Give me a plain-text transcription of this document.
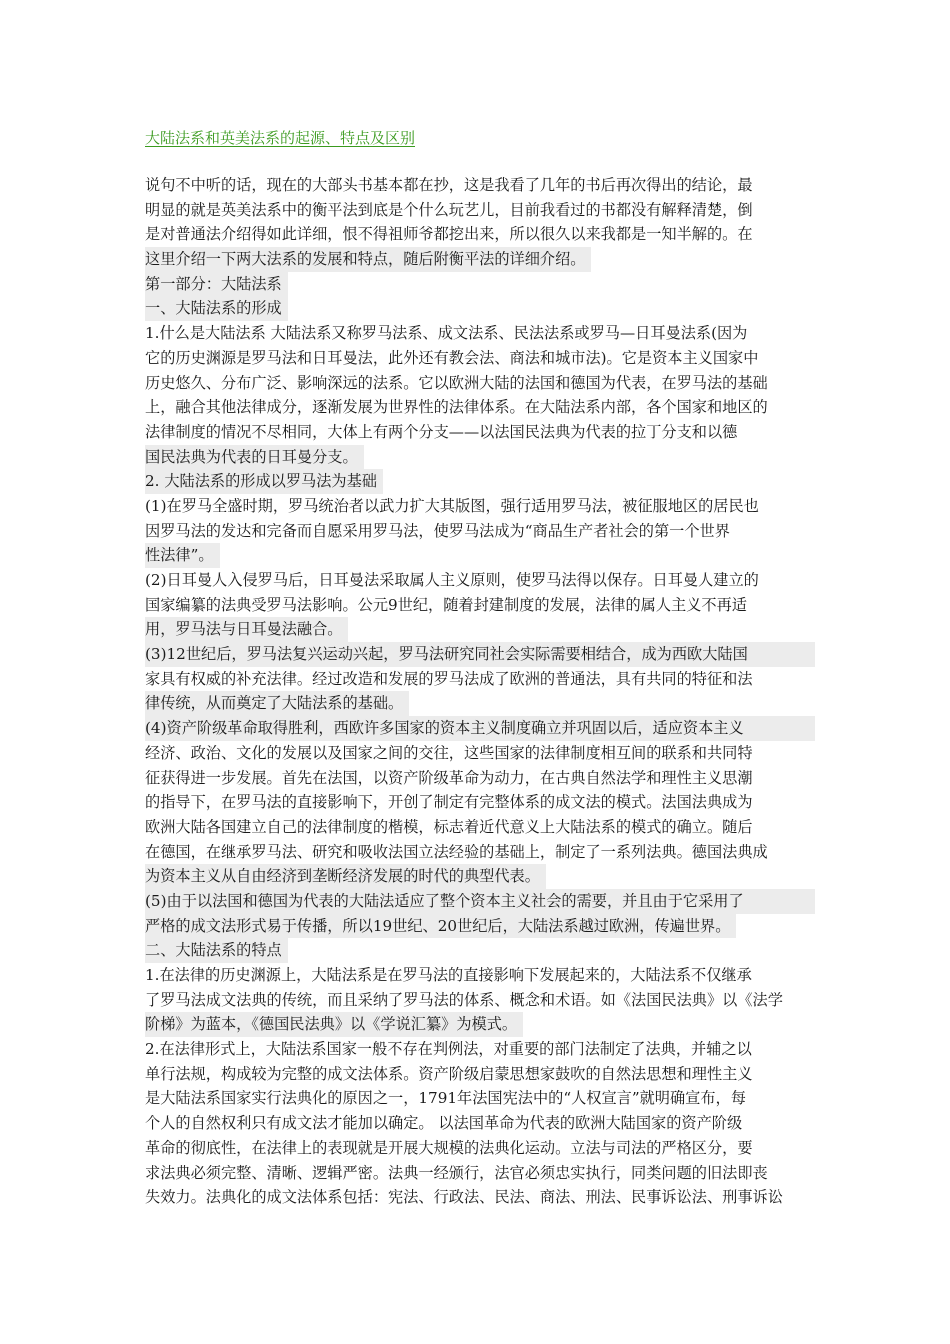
大陆法系和英美法系的起源、特点及区别
说句不中听的话，现在的大部头书基本都在抄，这是我看了几年的书后再次得出的结论，最
明显的就是英美法系中的衡平法到底是个什么玩艺儿，目前我看过的书都没有解释清楚，倒
是对普通法介绍得如此详细，恨不得祖师爷都挖出来，所以很久以来我都是一知半解的。在
这里介绍一下两大法系的发展和特点，随后附衡平法的详细介绍。
第一部分：大陆法系
一、大陆法系的形成
1.什么是大陆法系 大陆法系又称罗马法系、成文法系、民法法系或罗马—日耳曼法系(因为
它的历史渊源是罗马法和日耳曼法，此外还有教会法、商法和城市法)。它是资本主义国家中
历史悠久、分布广泛、影响深远的法系。它以欧洲大陆的法国和德国为代表，在罗马法的基础
上，融合其他法律成分，逐渐发展为世界性的法律体系。在大陆法系内部，各个国家和地区的
法律制度的情况不尽相同，大体上有两个分支——以法国民法典为代表的拉丁分支和以德
国民法典为代表的日耳曼分支。
2. 大陆法系的形成以罗马法为基础
(1)在罗马全盛时期，罗马统治者以武力扩大其版图，强行适用罗马法，被征服地区的居民也
因罗马法的发达和完备而自愿采用罗马法，使罗马法成为“商品生产者社会的第一个世界
性法律”。
(2)日耳曼人入侵罗马后，日耳曼法采取属人主义原则，使罗马法得以保存。日耳曼人建立的
国家编纂的法典受罗马法影响。公元9世纪，随着封建制度的发展，法律的属人主义不再适
用，罗马法与日耳曼法融合。
(3)12世纪后，罗马法复兴运动兴起，罗马法研究同社会实际需要相结合，成为西欧大陆国
家具有权威的补充法律。经过改造和发展的罗马法成了欧洲的普通法，具有共同的特征和法
律传统，从而奠定了大陆法系的基础。
(4)资产阶级革命取得胜利，西欧许多国家的资本主义制度确立并巩固以后，适应资本主义
经济、政治、文化的发展以及国家之间的交往，这些国家的法律制度相互间的联系和共同特
征获得进一步发展。首先在法国，以资产阶级革命为动力，在古典自然法学和理性主义思潮
的指导下，在罗马法的直接影响下，开创了制定有完整体系的成文法的模式。法国法典成为
欧洲大陆各国建立自己的法律制度的楷模，标志着近代意义上大陆法系的模式的确立。随后
在德国，在继承罗马法、研究和吸收法国立法经验的基础上，制定了一系列法典。德国法典成
为资本主义从自由经济到垄断经济发展的时代的典型代表。
(5)由于以法国和德国为代表的大陆法适应了整个资本主义社会的需要，并且由于它采用了
严格的成文法形式易于传播，所以19世纪、20世纪后，大陆法系越过欧洲，传遍世界。
二、大陆法系的特点
1.在法律的历史渊源上，大陆法系是在罗马法的直接影响下发展起来的，大陆法系不仅继承
了罗马法成文法典的传统，而且采纳了罗马法的体系、概念和术语。如《法国民法典》以《法学
阶梯》为蓝本，《德国民法典》以《学说汇纂》为模式。
2.在法律形式上，大陆法系国家一般不存在判例法，对重要的部门法制定了法典，并辅之以
单行法规，构成较为完整的成文法体系。资产阶级启蒙思想家鼓吹的自然法思想和理性主义
是大陆法系国家实行法典化的原因之一，1791年法国宪法中的“人权宣言”就明确宣布，每
个人的自然权利只有成文法才能加以确定。 以法国革命为代表的欧洲大陆国家的资产阶级
革命的彻底性，在法律上的表现就是开展大规模的法典化运动。立法与司法的严格区分，要
求法典必须完整、清晰、逻辑严密。法典一经颁行，法官必须忠实执行，同类问题的旧法即丧
失效力。法典化的成文法体系包括：宪法、行政法、民法、商法、刑法、民事诉讼法、刑事诉讼
